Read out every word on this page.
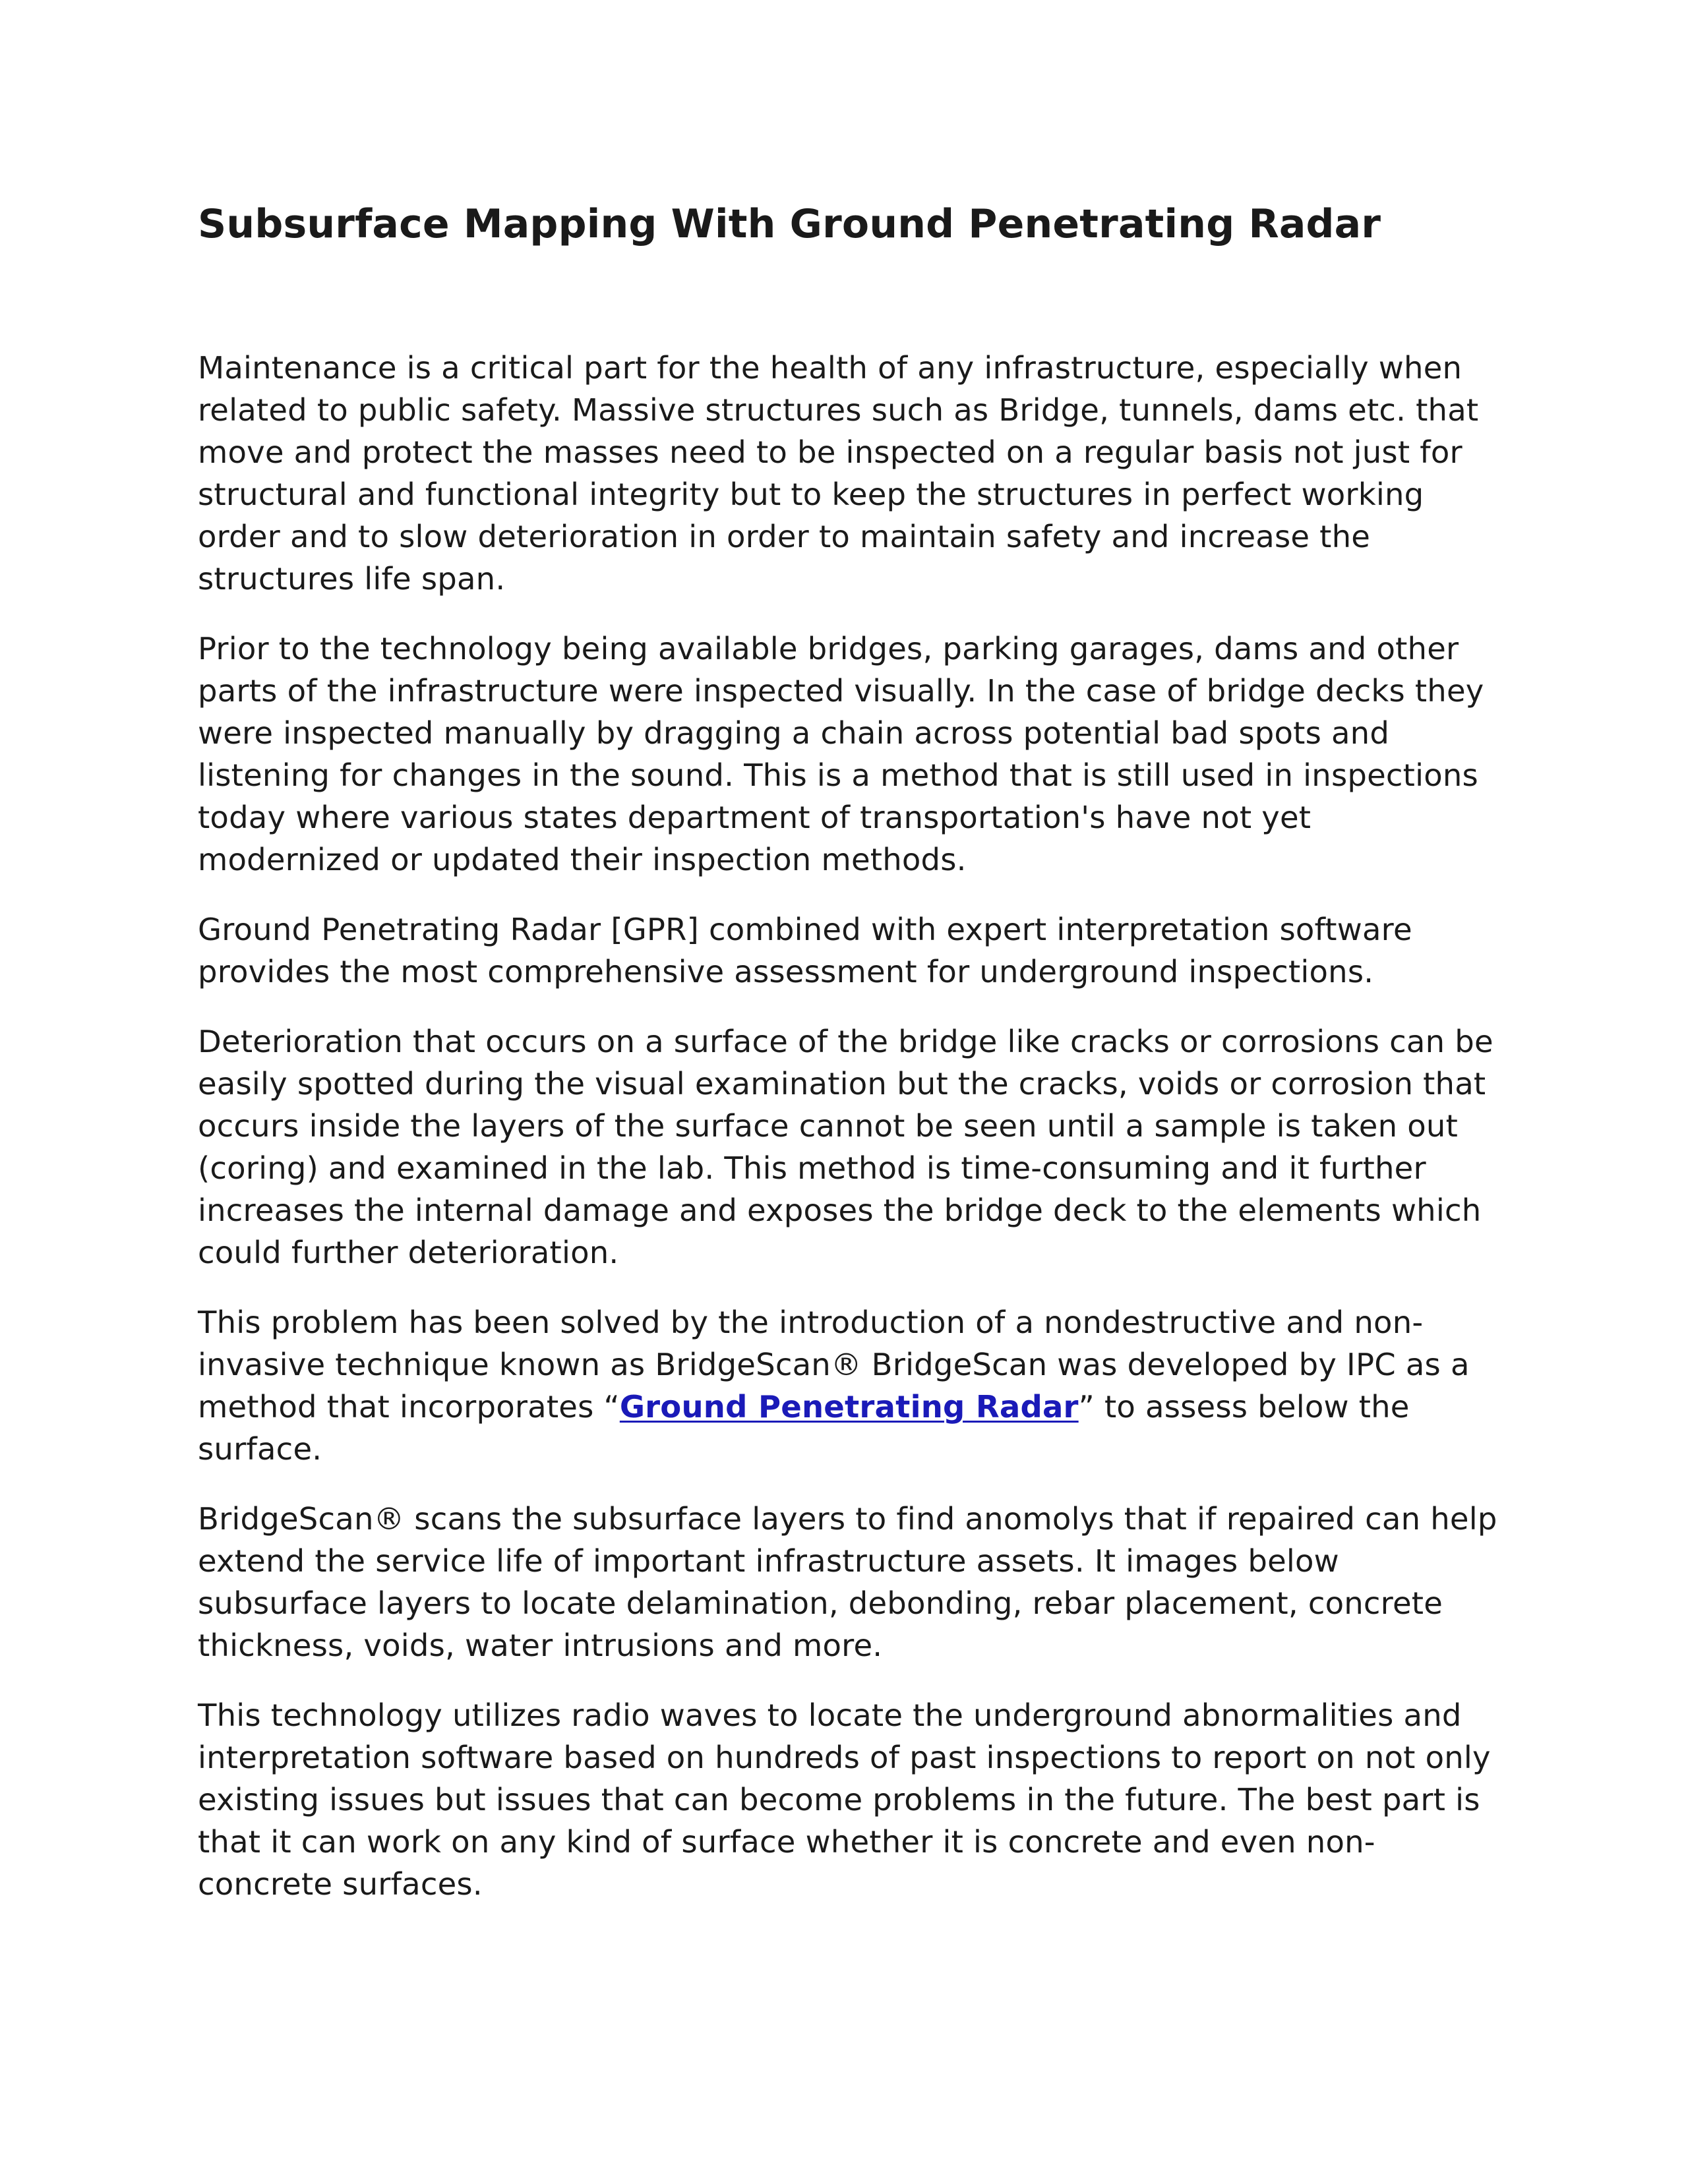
Subsurface Mapping With Ground Penetrating Radar

Maintenance is a critical part for the health of any infrastructure, especially when related to public safety. Massive structures such as Bridge, tunnels, dams etc. that move and protect the masses need to be inspected on a regular basis not just for structural and functional integrity but to keep the structures in perfect working order and to slow deterioration in order to maintain safety and increase the structures life span.

Prior to the technology being available bridges, parking garages, dams and other parts of the infrastructure were inspected visually. In the case of bridge decks they were inspected manually by dragging a chain across potential bad spots and listening for changes in the sound. This is a method that is still used in inspections today where various states department of transportation's have not yet modernized or updated their inspection methods.

Ground Penetrating Radar [GPR] combined with expert interpretation software provides the most comprehensive assessment for underground inspections.

Deterioration that occurs on a surface of the bridge like cracks or corrosions can be easily spotted during the visual examination but the cracks, voids or corrosion that occurs inside the layers of the surface cannot be seen until a sample is taken out (coring) and examined in the lab. This method is time-consuming and it further increases the internal damage and exposes the bridge deck to the elements which could further deterioration.

This problem has been solved by the introduction of a nondestructive and non-invasive technique known as BridgeScan® BridgeScan was developed by IPC as a method that incorporates “Ground Penetrating Radar” to assess below the surface.

BridgeScan® scans the subsurface layers to find anomolys that if repaired can help extend the service life of important infrastructure assets. It images below subsurface layers to locate delamination, debonding, rebar placement, concrete thickness, voids, water intrusions and more.

This technology utilizes radio waves to locate the underground abnormalities and interpretation software based on hundreds of past inspections to report on not only existing issues but issues that can become problems in the future. The best part is that it can work on any kind of surface whether it is concrete and even non-concrete surfaces.
